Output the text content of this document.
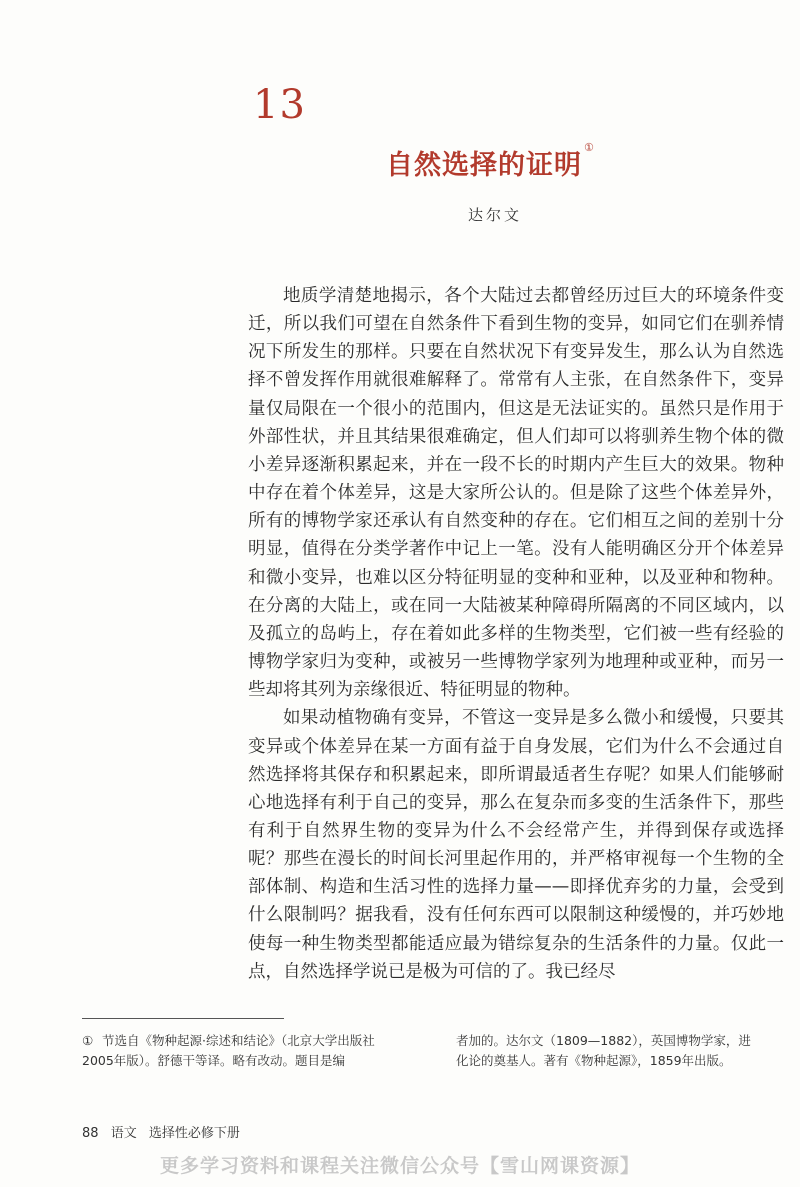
13
自然选择的证明①
达尔文

地质学清楚地揭示，各个大陆过去都曾经历过巨大的环境条件变迁，所以我们可望在自然条件下看到生物的变异，如同它们在驯养情况下所发生的那样。只要在自然状况下有变异发生，那么认为自然选择不曾发挥作用就很难解释了。常常有人主张，在自然条件下，变异量仅局限在一个很小的范围内，但这是无法证实的。虽然只是作用于外部性状，并且其结果很难确定，但人们却可以将驯养生物个体的微小差异逐渐积累起来，并在一段不长的时期内产生巨大的效果。物种中存在着个体差异，这是大家所公认的。但是除了这些个体差异外，所有的博物学家还承认有自然变种的存在。它们相互之间的差别十分明显，值得在分类学著作中记上一笔。没有人能明确区分开个体差异和微小变异，也难以区分特征明显的变种和亚种，以及亚种和物种。在分离的大陆上，或在同一大陆被某种障碍所隔离的不同区域内，以及孤立的岛屿上，存在着如此多样的生物类型，它们被一些有经验的博物学家归为变种，或被另一些博物学家列为地理种或亚种，而另一些却将其列为亲缘很近、特征明显的物种。

如果动植物确有变异，不管这一变异是多么微小和缓慢，只要其变异或个体差异在某一方面有益于自身发展，它们为什么不会通过自然选择将其保存和积累起来，即所谓最适者生存呢？如果人们能够耐心地选择有利于自己的变异，那么在复杂而多变的生活条件下，那些有利于自然界生物的变异为什么不会经常产生，并得到保存或选择呢？那些在漫长的时间长河里起作用的，并严格审视每一个生物的全部体制、构造和生活习性的选择力量——即择优弃劣的力量，会受到什么限制吗？据我看，没有任何东西可以限制这种缓慢的，并巧妙地使每一种生物类型都能适应最为错综复杂的生活条件的力量。仅此一点，自然选择学说已是极为可信的了。我已经尽

① 节选自《物种起源·综述和结论》（北京大学出版社2005年版）。舒德干等译。略有改动。题目是编
者加的。达尔文（1809—1882），英国博物学家，进化论的奠基人。著有《物种起源》，1859年出版。
88 语文 选择性必修下册
更多学习资料和课程关注微信公众号【雪山网课资源】
